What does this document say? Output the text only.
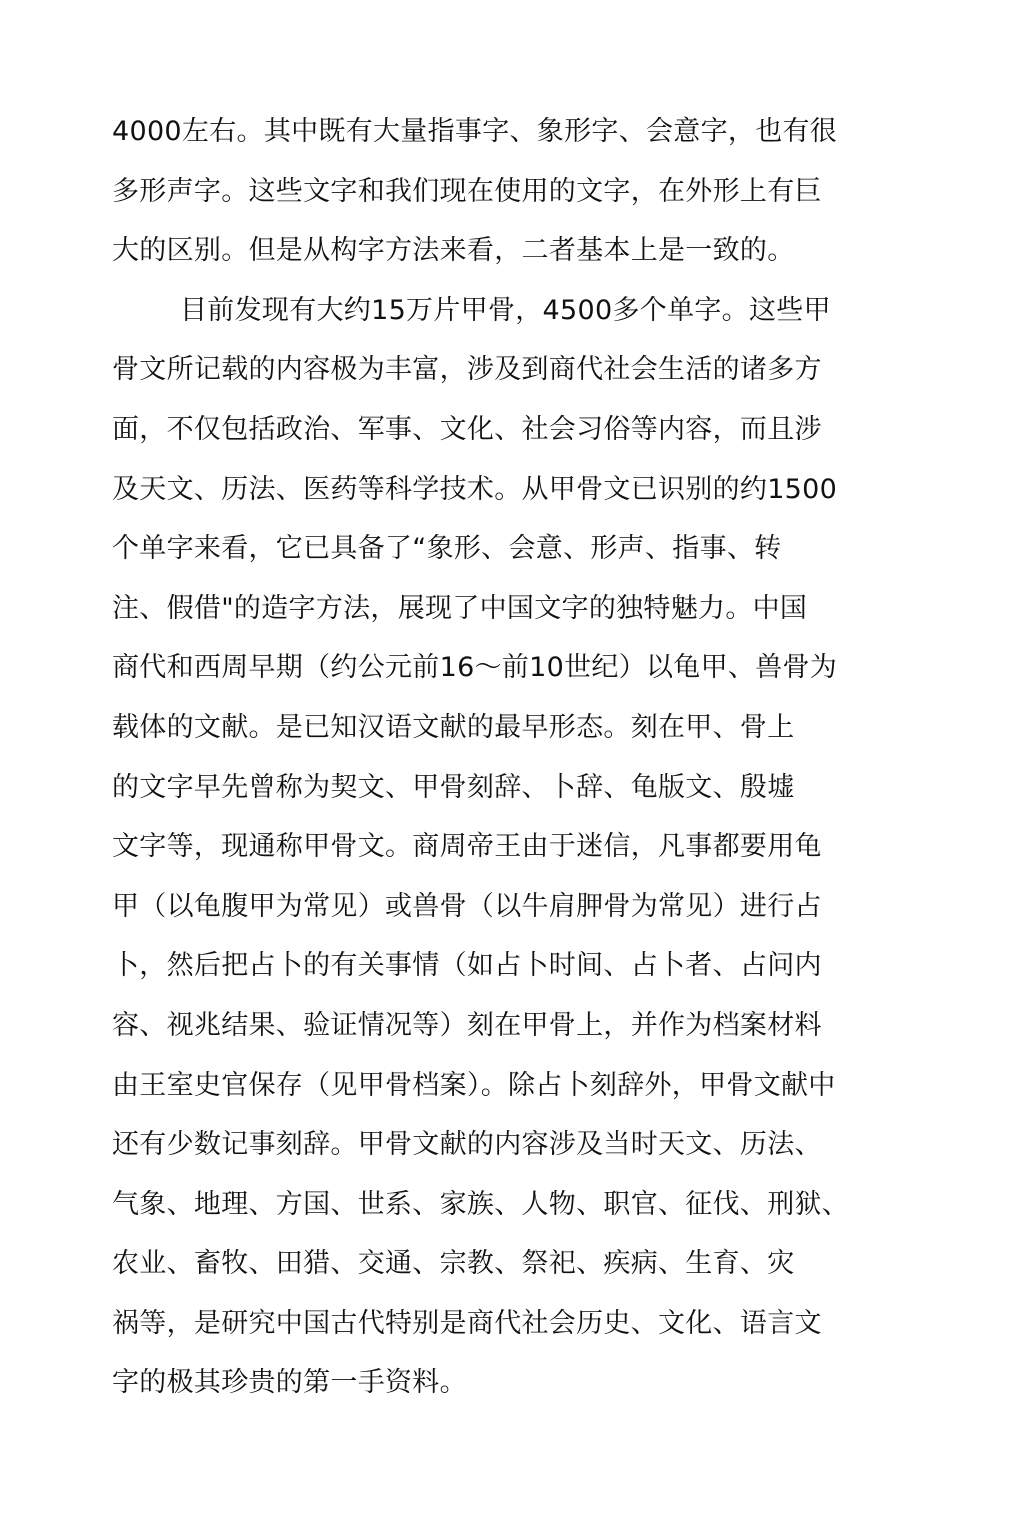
4000左右。其中既有大量指事字、象形字、会意字，也有很
多形声字。这些文字和我们现在使用的文字，在外形上有巨
大的区别。但是从构字方法来看，二者基本上是一致的。
目前发现有大约15万片甲骨，4500多个单字。这些甲
骨文所记载的内容极为丰富，涉及到商代社会生活的诸多方
面，不仅包括政治、军事、文化、社会习俗等内容，而且涉
及天文、历法、医药等科学技术。从甲骨文已识别的约1500
个单字来看，它已具备了“象形、会意、形声、指事、转
注、假借"的造字方法，展现了中国文字的独特魅力。中国
商代和西周早期（约公元前16〜前10世纪）以龟甲、兽骨为
载体的文献。是已知汉语文献的最早形态。刻在甲、骨上
的文字早先曾称为契文、甲骨刻辞、卜辞、龟版文、殷墟
文字等，现通称甲骨文。商周帝王由于迷信，凡事都要用龟
甲（以龟腹甲为常见）或兽骨（以牛肩胛骨为常见）进行占
卜，然后把占卜的有关事情（如占卜时间、占卜者、占问内
容、视兆结果、验证情况等）刻在甲骨上，并作为档案材料
由王室史官保存（见甲骨档案）。除占卜刻辞外，甲骨文献中
还有少数记事刻辞。甲骨文献的内容涉及当时天文、历法、
气象、地理、方国、世系、家族、人物、职官、征伐、刑狱、
农业、畜牧、田猎、交通、宗教、祭祀、疾病、生育、灾
祸等，是研究中国古代特别是商代社会历史、文化、语言文
字的极其珍贵的第一手资料。
